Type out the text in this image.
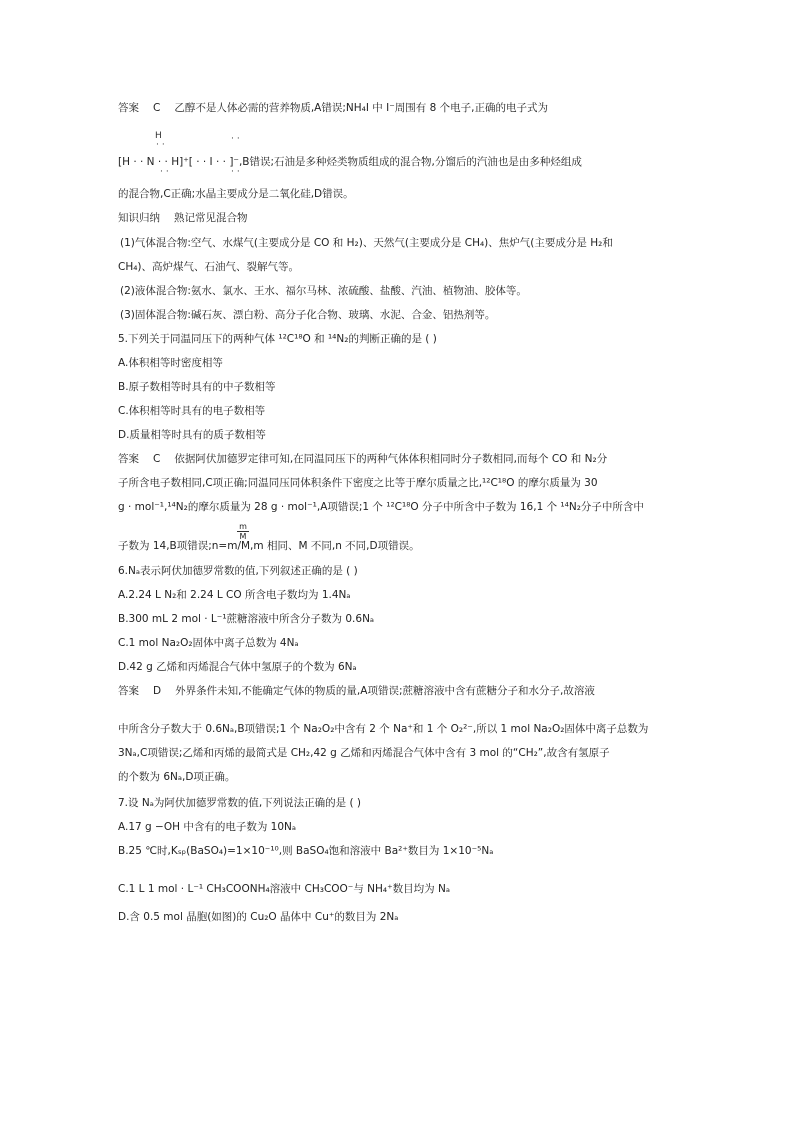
答案 C 乙醇不是人体必需的营养物质,A错误;NH₄I 中 I⁻周围有 8 个电子,正确的电子式为
H
··
··
··	··
[H · · N · · H]⁺[ · · I · · ]⁻,B错误;石油是多种烃类物质组成的混合物,分馏后的汽油也是由多种烃组成
的混合物,C正确;水晶主要成分是二氧化硅,D错误。
知识归纳 熟记常见混合物
(1)气体混合物:空气、水煤气(主要成分是 CO 和 H₂)、天然气(主要成分是 CH₄)、焦炉气(主要成分是 H₂和
CH₄)、高炉煤气、石油气、裂解气等。
(2)液体混合物:氨水、氯水、王水、福尔马林、浓硫酸、盐酸、汽油、植物油、胶体等。
(3)固体混合物:碱石灰、漂白粉、高分子化合物、玻璃、水泥、合金、铝热剂等。
5.下列关于同温同压下的两种气体 ¹²C¹⁸O 和 ¹⁴N₂的判断正确的是 ( )
A.体积相等时密度相等
B.原子数相等时具有的中子数相等
C.体积相等时具有的电子数相等
D.质量相等时具有的质子数相等
答案 C 依据阿伏加德罗定律可知,在同温同压下的两种气体体积相同时分子数相同,而每个 CO 和 N₂分
子所含电子数相同,C项正确;同温同压同体积条件下密度之比等于摩尔质量之比,¹²C¹⁸O 的摩尔质量为 30
g · mol⁻¹,¹⁴N₂的摩尔质量为 28 g · mol⁻¹,A项错误;1 个 ¹²C¹⁸O 分子中所含中子数为 16,1 个 ¹⁴N₂分子中所含中
$\frac{m}{M}$
子数为 14,B项错误;n=m/M,m 相同、M 不同,n 不同,D项错误。
6.Nₐ表示阿伏加德罗常数的值,下列叙述正确的是 ( )
A.2.24 L N₂和 2.24 L CO 所含电子数均为 1.4Nₐ
B.300 mL 2 mol · L⁻¹蔗糖溶液中所含分子数为 0.6Nₐ
C.1 mol Na₂O₂固体中离子总数为 4Nₐ
D.42 g 乙烯和丙烯混合气体中氢原子的个数为 6Nₐ
答案 D 外界条件未知,不能确定气体的物质的量,A项错误;蔗糖溶液中含有蔗糖分子和水分子,故溶液
中所含分子数大于 0.6Nₐ,B项错误;1 个 Na₂O₂中含有 2 个 Na⁺和 1 个 O₂²⁻,所以 1 mol Na₂O₂固体中离子总数为
3Nₐ,C项错误;乙烯和丙烯的最简式是 CH₂,42 g 乙烯和丙烯混合气体中含有 3 mol 的“CH₂”,故含有氢原子
的个数为 6Nₐ,D项正确。
7.设 Nₐ为阿伏加德罗常数的值,下列说法正确的是 ( )
A.17 g −OH 中含有的电子数为 10Nₐ
B.25 ℃时,Kₛₚ(BaSO₄)=1×10⁻¹⁰,则 BaSO₄饱和溶液中 Ba²⁺数目为 1×10⁻⁵Nₐ
C.1 L 1 mol · L⁻¹ CH₃COONH₄溶液中 CH₃COO⁻与 NH₄⁺数目均为 Nₐ
D.含 0.5 mol 晶胞(如图)的 Cu₂O 晶体中 Cu⁺的数目为 2Nₐ
